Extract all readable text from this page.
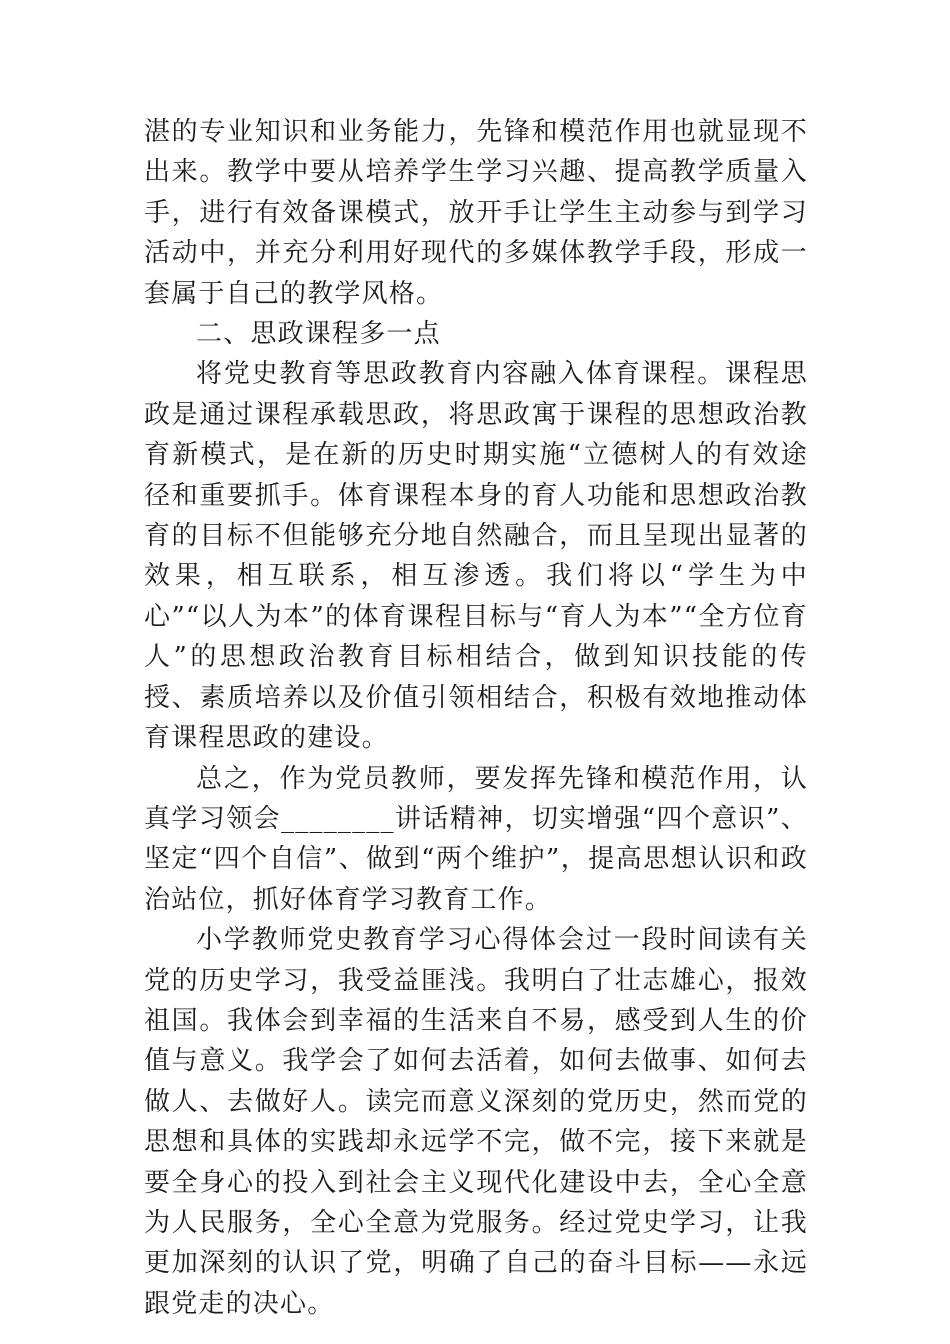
湛的专业知识和业务能力，先锋和模范作用也就显现不出来。教学中要从培养学生学习兴趣、提高教学质量入手，进行有效备课模式，放开手让学生主动参与到学习活动中，并充分利用好现代的多媒体教学手段，形成一套属于自己的教学风格。

二、思政课程多一点

将党史教育等思政教育内容融入体育课程。课程思政是通过课程承载思政，将思政寓于课程的思想政治教育新模式，是在新的历史时期实施“立德树人的有效途径和重要抓手。体育课程本身的育人功能和思想政治教育的目标不但能够充分地自然融合，而且呈现出显著的效果，相互联系，相互渗透。我们将以“学生为中心”“以人为本”的体育课程目标与“育人为本”“全方位育人”的思想政治教育目标相结合，做到知识技能的传授、素质培养以及价值引领相结合，积极有效地推动体育课程思政的建设。

总之，作为党员教师，要发挥先锋和模范作用，认真学习领会________讲话精神，切实增强“四个意识”、坚定“四个自信”、做到“两个维护”，提高思想认识和政治站位，抓好体育学习教育工作。

小学教师党史教育学习心得体会过一段时间读有关党的历史学习，我受益匪浅。我明白了壮志雄心，报效祖国。我体会到幸福的生活来自不易，感受到人生的价值与意义。我学会了如何去活着，如何去做事、如何去做人、去做好人。读完而意义深刻的党历史，然而党的思想和具体的实践却永远学不完，做不完，接下来就是要全身心的投入到社会主义现代化建设中去，全心全意为人民服务，全心全意为党服务。经过党史学习，让我更加深刻的认识了党，明确了自己的奋斗目标——永远跟党走的决心。
